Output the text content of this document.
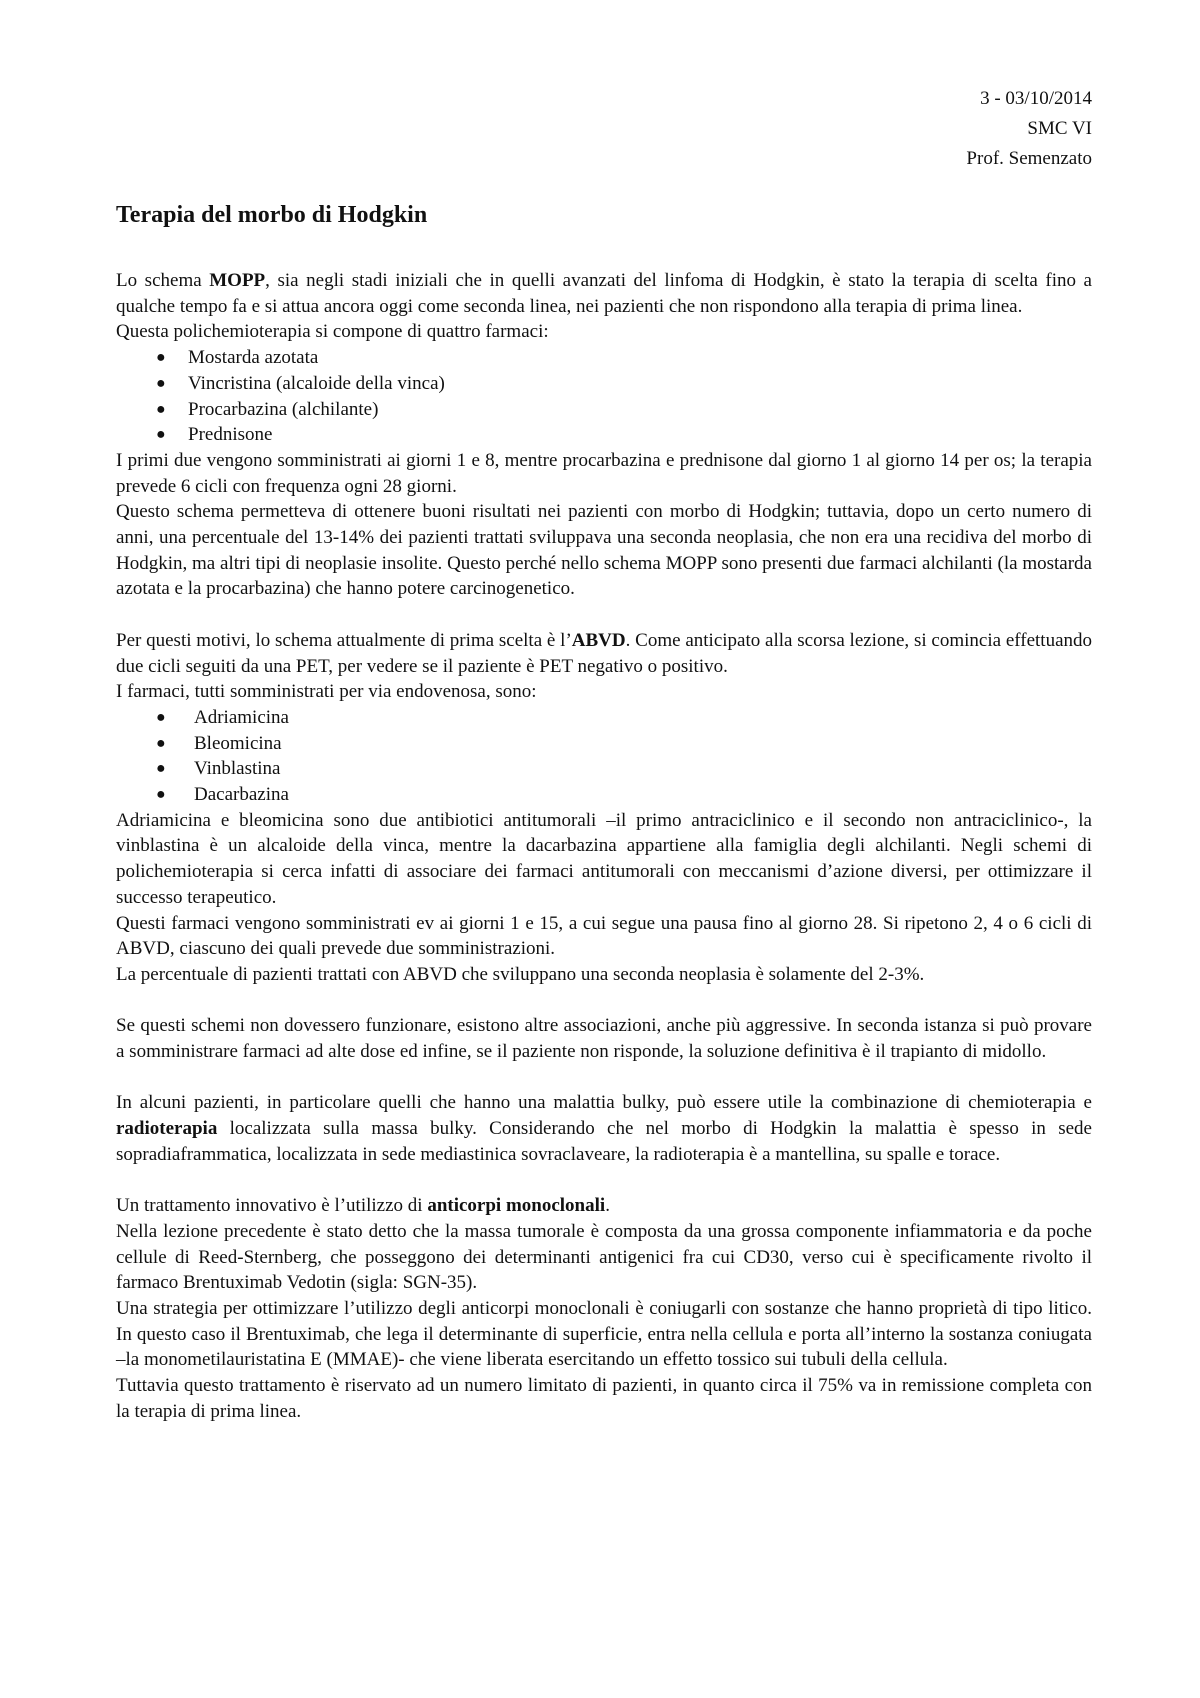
3 - 03/10/2014
SMC VI
Prof. Semenzato
Terapia del morbo di Hodgkin

Lo schema MOPP, sia negli stadi iniziali che in quelli avanzati del linfoma di Hodgkin, è stato la terapia di scelta fino a qualche tempo fa e si attua ancora oggi come seconda linea, nei pazienti che non rispondono alla terapia di prima linea.

Questa polichemioterapia si compone di quattro farmaci:

● Mostarda azotata
● Vincristina (alcaloide della vinca)
● Procarbazina (alchilante)
● Prednisone

I primi due vengono somministrati ai giorni 1 e 8, mentre procarbazina e prednisone dal giorno 1 al giorno 14 per os; la terapia prevede 6 cicli con frequenza ogni 28 giorni.

Questo schema permetteva di ottenere buoni risultati nei pazienti con morbo di Hodgkin; tuttavia, dopo un certo numero di anni, una percentuale del 13-14% dei pazienti trattati sviluppava una seconda neoplasia, che non era una recidiva del morbo di Hodgkin, ma altri tipi di neoplasie insolite. Questo perché nello schema MOPP sono presenti due farmaci alchilanti (la mostarda azotata e la procarbazina) che hanno potere carcinogenetico.

Per questi motivi, lo schema attualmente di prima scelta è l’ABVD. Come anticipato alla scorsa lezione, si comincia effettuando due cicli seguiti da una PET, per vedere se il paziente è PET negativo o positivo.

I farmaci, tutti somministrati per via endovenosa, sono:

● Adriamicina
● Bleomicina
● Vinblastina
● Dacarbazina

Adriamicina e bleomicina sono due antibiotici antitumorali –il primo antraciclinico e il secondo non antraciclinico-, la vinblastina è un alcaloide della vinca, mentre la dacarbazina appartiene alla famiglia degli alchilanti. Negli schemi di polichemioterapia si cerca infatti di associare dei farmaci antitumorali con meccanismi d’azione diversi, per ottimizzare il successo terapeutico.

Questi farmaci vengono somministrati ev ai giorni 1 e 15, a cui segue una pausa fino al giorno 28. Si ripetono 2, 4 o 6 cicli di ABVD, ciascuno dei quali prevede due somministrazioni.

La percentuale di pazienti trattati con ABVD che sviluppano una seconda neoplasia è solamente del 2-3%.

Se questi schemi non dovessero funzionare, esistono altre associazioni, anche più aggressive. In seconda istanza si può provare a somministrare farmaci ad alte dose ed infine, se il paziente non risponde, la soluzione definitiva è il trapianto di midollo.

In alcuni pazienti, in particolare quelli che hanno una malattia bulky, può essere utile la combinazione di chemioterapia e radioterapia localizzata sulla massa bulky. Considerando che nel morbo di Hodgkin la malattia è spesso in sede sopradiaframmatica, localizzata in sede mediastinica sovraclaveare, la radioterapia è a mantellina, su spalle e torace.

Un trattamento innovativo è l’utilizzo di anticorpi monoclonali.

Nella lezione precedente è stato detto che la massa tumorale è composta da una grossa componente infiammatoria e da poche cellule di Reed-Sternberg, che posseggono dei determinanti antigenici fra cui CD30, verso cui è specificamente rivolto il farmaco Brentuximab Vedotin (sigla: SGN-35).

Una strategia per ottimizzare l’utilizzo degli anticorpi monoclonali è coniugarli con sostanze che hanno proprietà di tipo litico. In questo caso il Brentuximab, che lega il determinante di superficie, entra nella cellula e porta all’interno la sostanza coniugata –la monometilauristatina E (MMAE)- che viene liberata esercitando un effetto tossico sui tubuli della cellula.

Tuttavia questo trattamento è riservato ad un numero limitato di pazienti, in quanto circa il 75% va in remissione completa con la terapia di prima linea.
